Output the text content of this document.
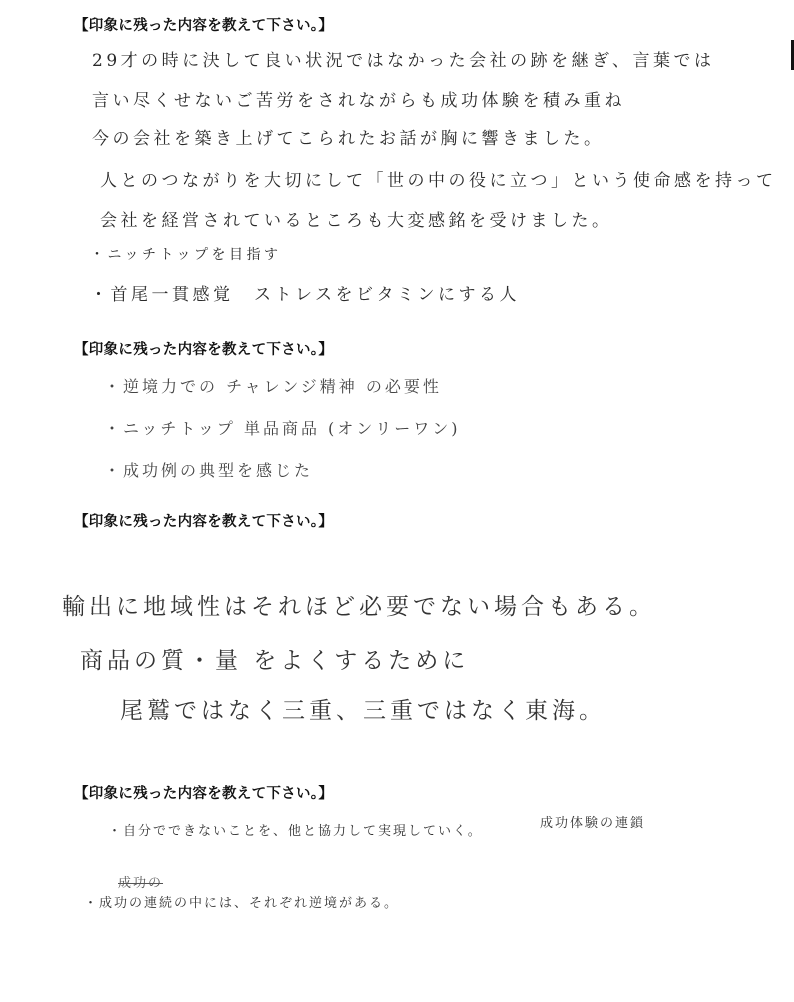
【印象に残った内容を教えて下さい。】
29才の時に決して良い状況ではなかった会社の跡を継ぎ、言葉では
言い尽くせないご苦労をされながらも成功体験を積み重ね
今の会社を築き上げてこられたお話が胸に響きました。
人とのつながりを大切にして「世の中の役に立つ」という使命感を持って
会社を経営されているところも大変感銘を受けました。
・ニッチトップを目指す
・首尾一貫感覚　ストレスをビタミンにする人
【印象に残った内容を教えて下さい。】
・逆境力での チャレンジ精神 の必要性
・ニッチトップ 単品商品 (オンリーワン)
・成功例の典型を感じた
【印象に残った内容を教えて下さい。】
輸出に地域性はそれほど必要でない場合もある。
商品の質・量 をよくするために
尾鷲ではなく三重、三重ではなく東海。
【印象に残った内容を教えて下さい。】
・自分でできないことを、他と協力して実現していく。
成功体験の連鎖
成功の
・成功の連続の中には、それぞれ逆境がある。
